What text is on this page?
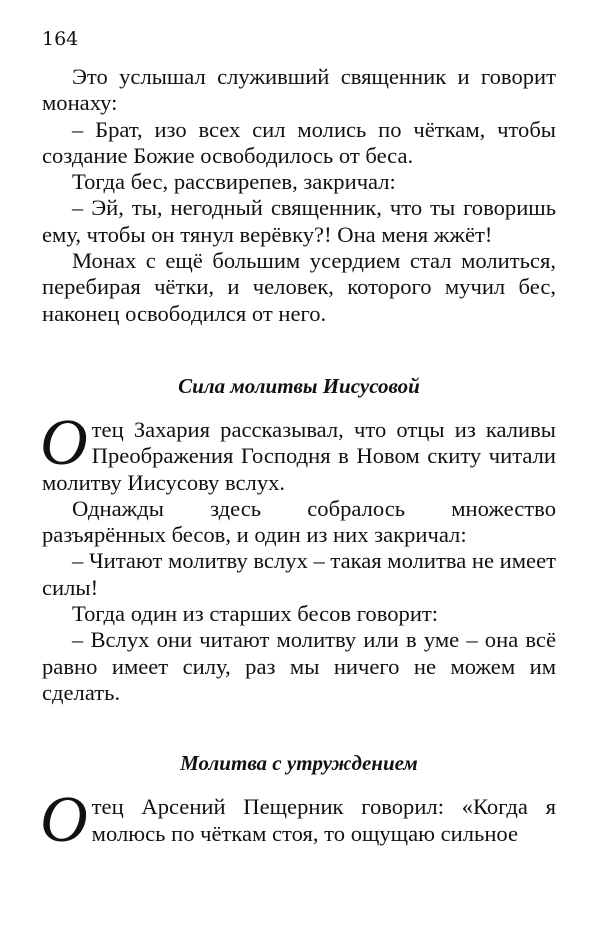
164

Это услышал служивший священник и говорит монаху:

– Брат, изо всех сил молись по чёткам, чтобы создание Божие освободилось от беса.

Тогда бес, рассвирепев, закричал:

– Эй, ты, негодный священник, что ты говоришь ему, чтобы он тянул верёвку?! Она меня жжёт!

Монах с ещё большим усердием стал молиться, перебирая чётки, и человек, которого мучил бес, наконец освободился от него.

Сила молитвы Иисусовой

Отец Захария рассказывал, что отцы из каливы Преображения Господня в Новом скиту читали молитву Иисусову вслух.

Однажды здесь собралось множество разъярённых бесов, и один из них закричал:

– Читают молитву вслух – такая молитва не имеет силы!

Тогда один из старших бесов говорит:

– Вслух они читают молитву или в уме – она всё равно имеет силу, раз мы ничего не можем им сделать.

Молитва с утруждением

Отец Арсений Пещерник говорил: «Когда я молюсь по чёткам стоя, то ощущаю сильное
